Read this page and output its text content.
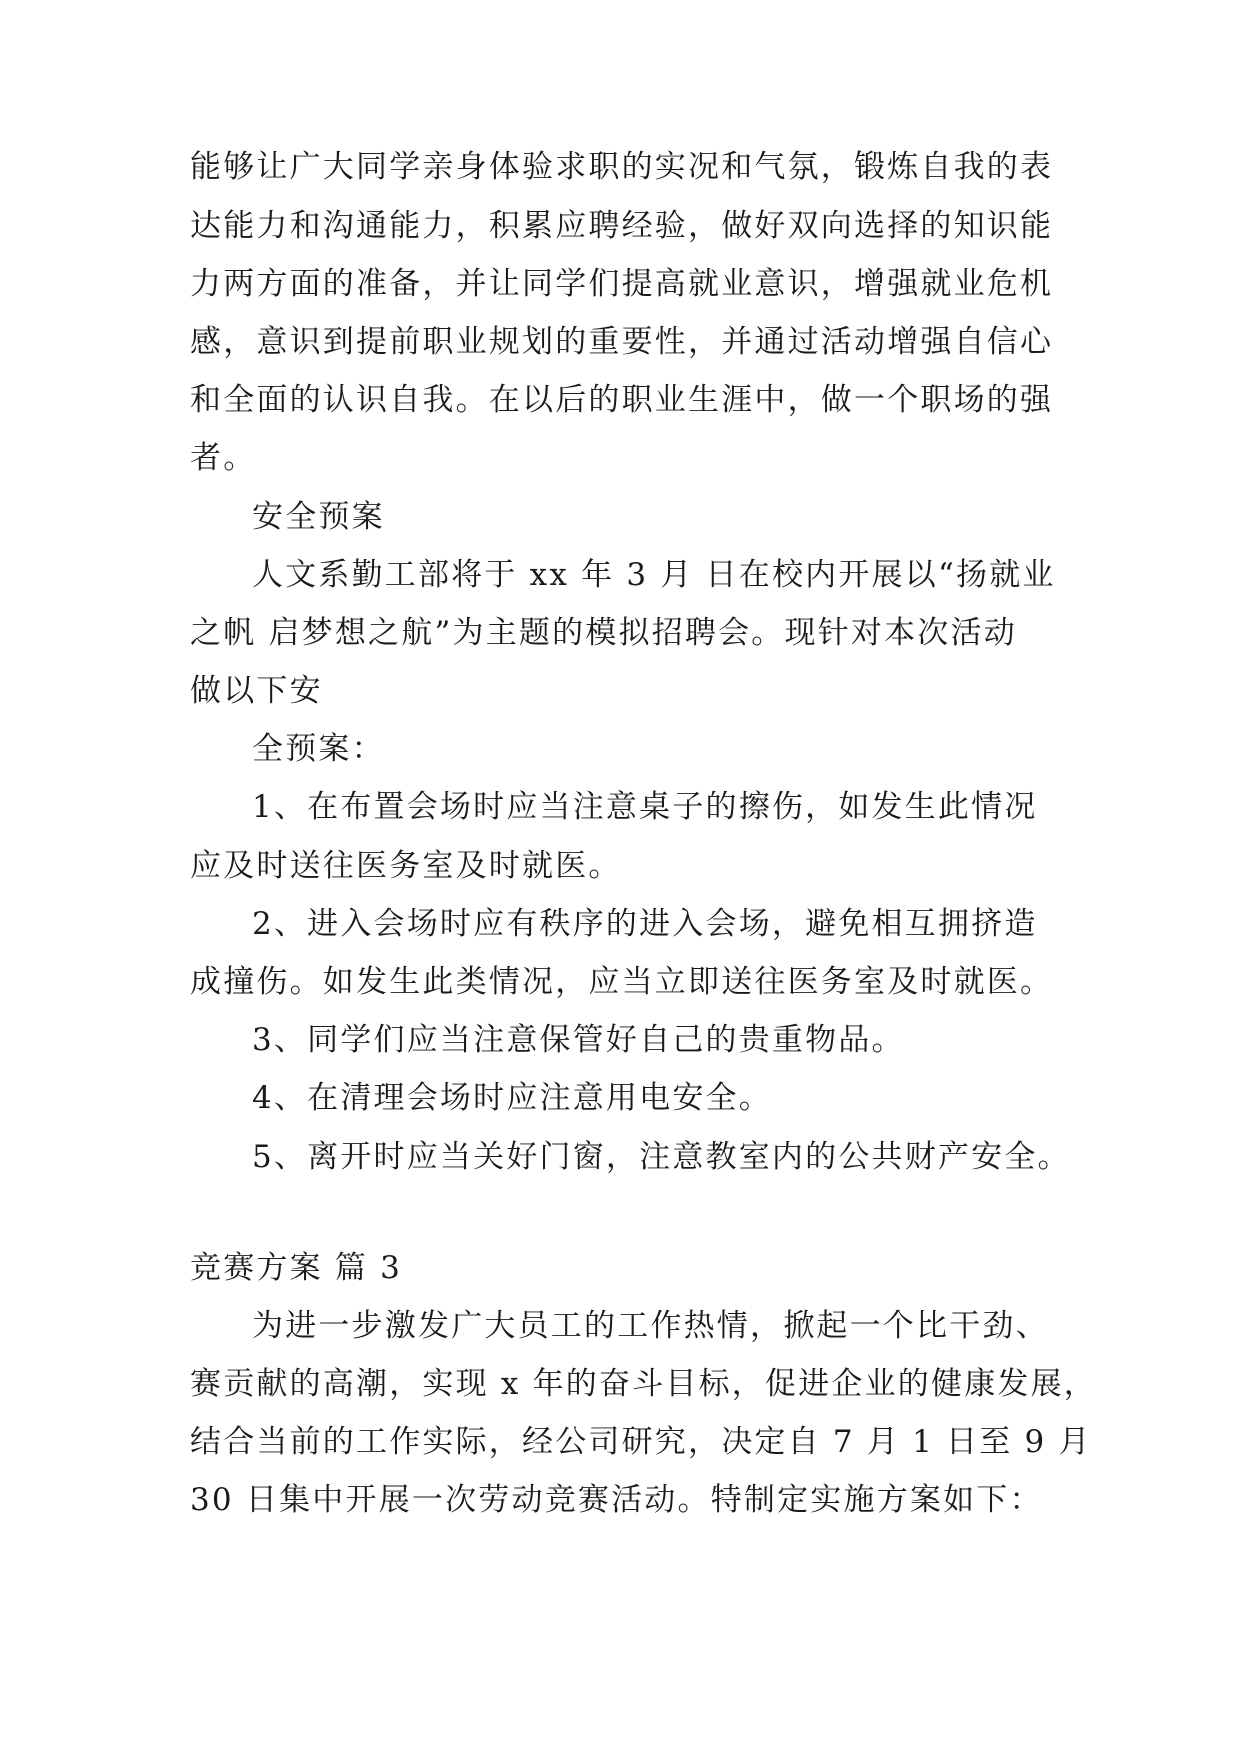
能够让广大同学亲身体验求职的实况和气氛，锻炼自我的表
达能力和沟通能力，积累应聘经验，做好双向选择的知识能
力两方面的准备，并让同学们提高就业意识，增强就业危机
感，意识到提前职业规划的重要性，并通过活动增强自信心
和全面的认识自我。在以后的职业生涯中，做一个职场的强
者。
安全预案
人文系勤工部将于 xx 年 3 月 日在校内开展以“扬就业
之帆 启梦想之航”为主题的模拟招聘会。现针对本次活动
做以下安
全预案：
1、在布置会场时应当注意桌子的擦伤，如发生此情况
应及时送往医务室及时就医。
2、进入会场时应有秩序的进入会场，避免相互拥挤造
成撞伤。如发生此类情况，应当立即送往医务室及时就医。
3、同学们应当注意保管好自己的贵重物品。
4、在清理会场时应注意用电安全。
5、离开时应当关好门窗，注意教室内的公共财产安全。
竞赛方案 篇 3
为进一步激发广大员工的工作热情，掀起一个比干劲、
赛贡献的高潮，实现 x 年的奋斗目标，促进企业的健康发展，
结合当前的工作实际，经公司研究，决定自 7 月 1 日至 9 月
30 日集中开展一次劳动竞赛活动。特制定实施方案如下：
